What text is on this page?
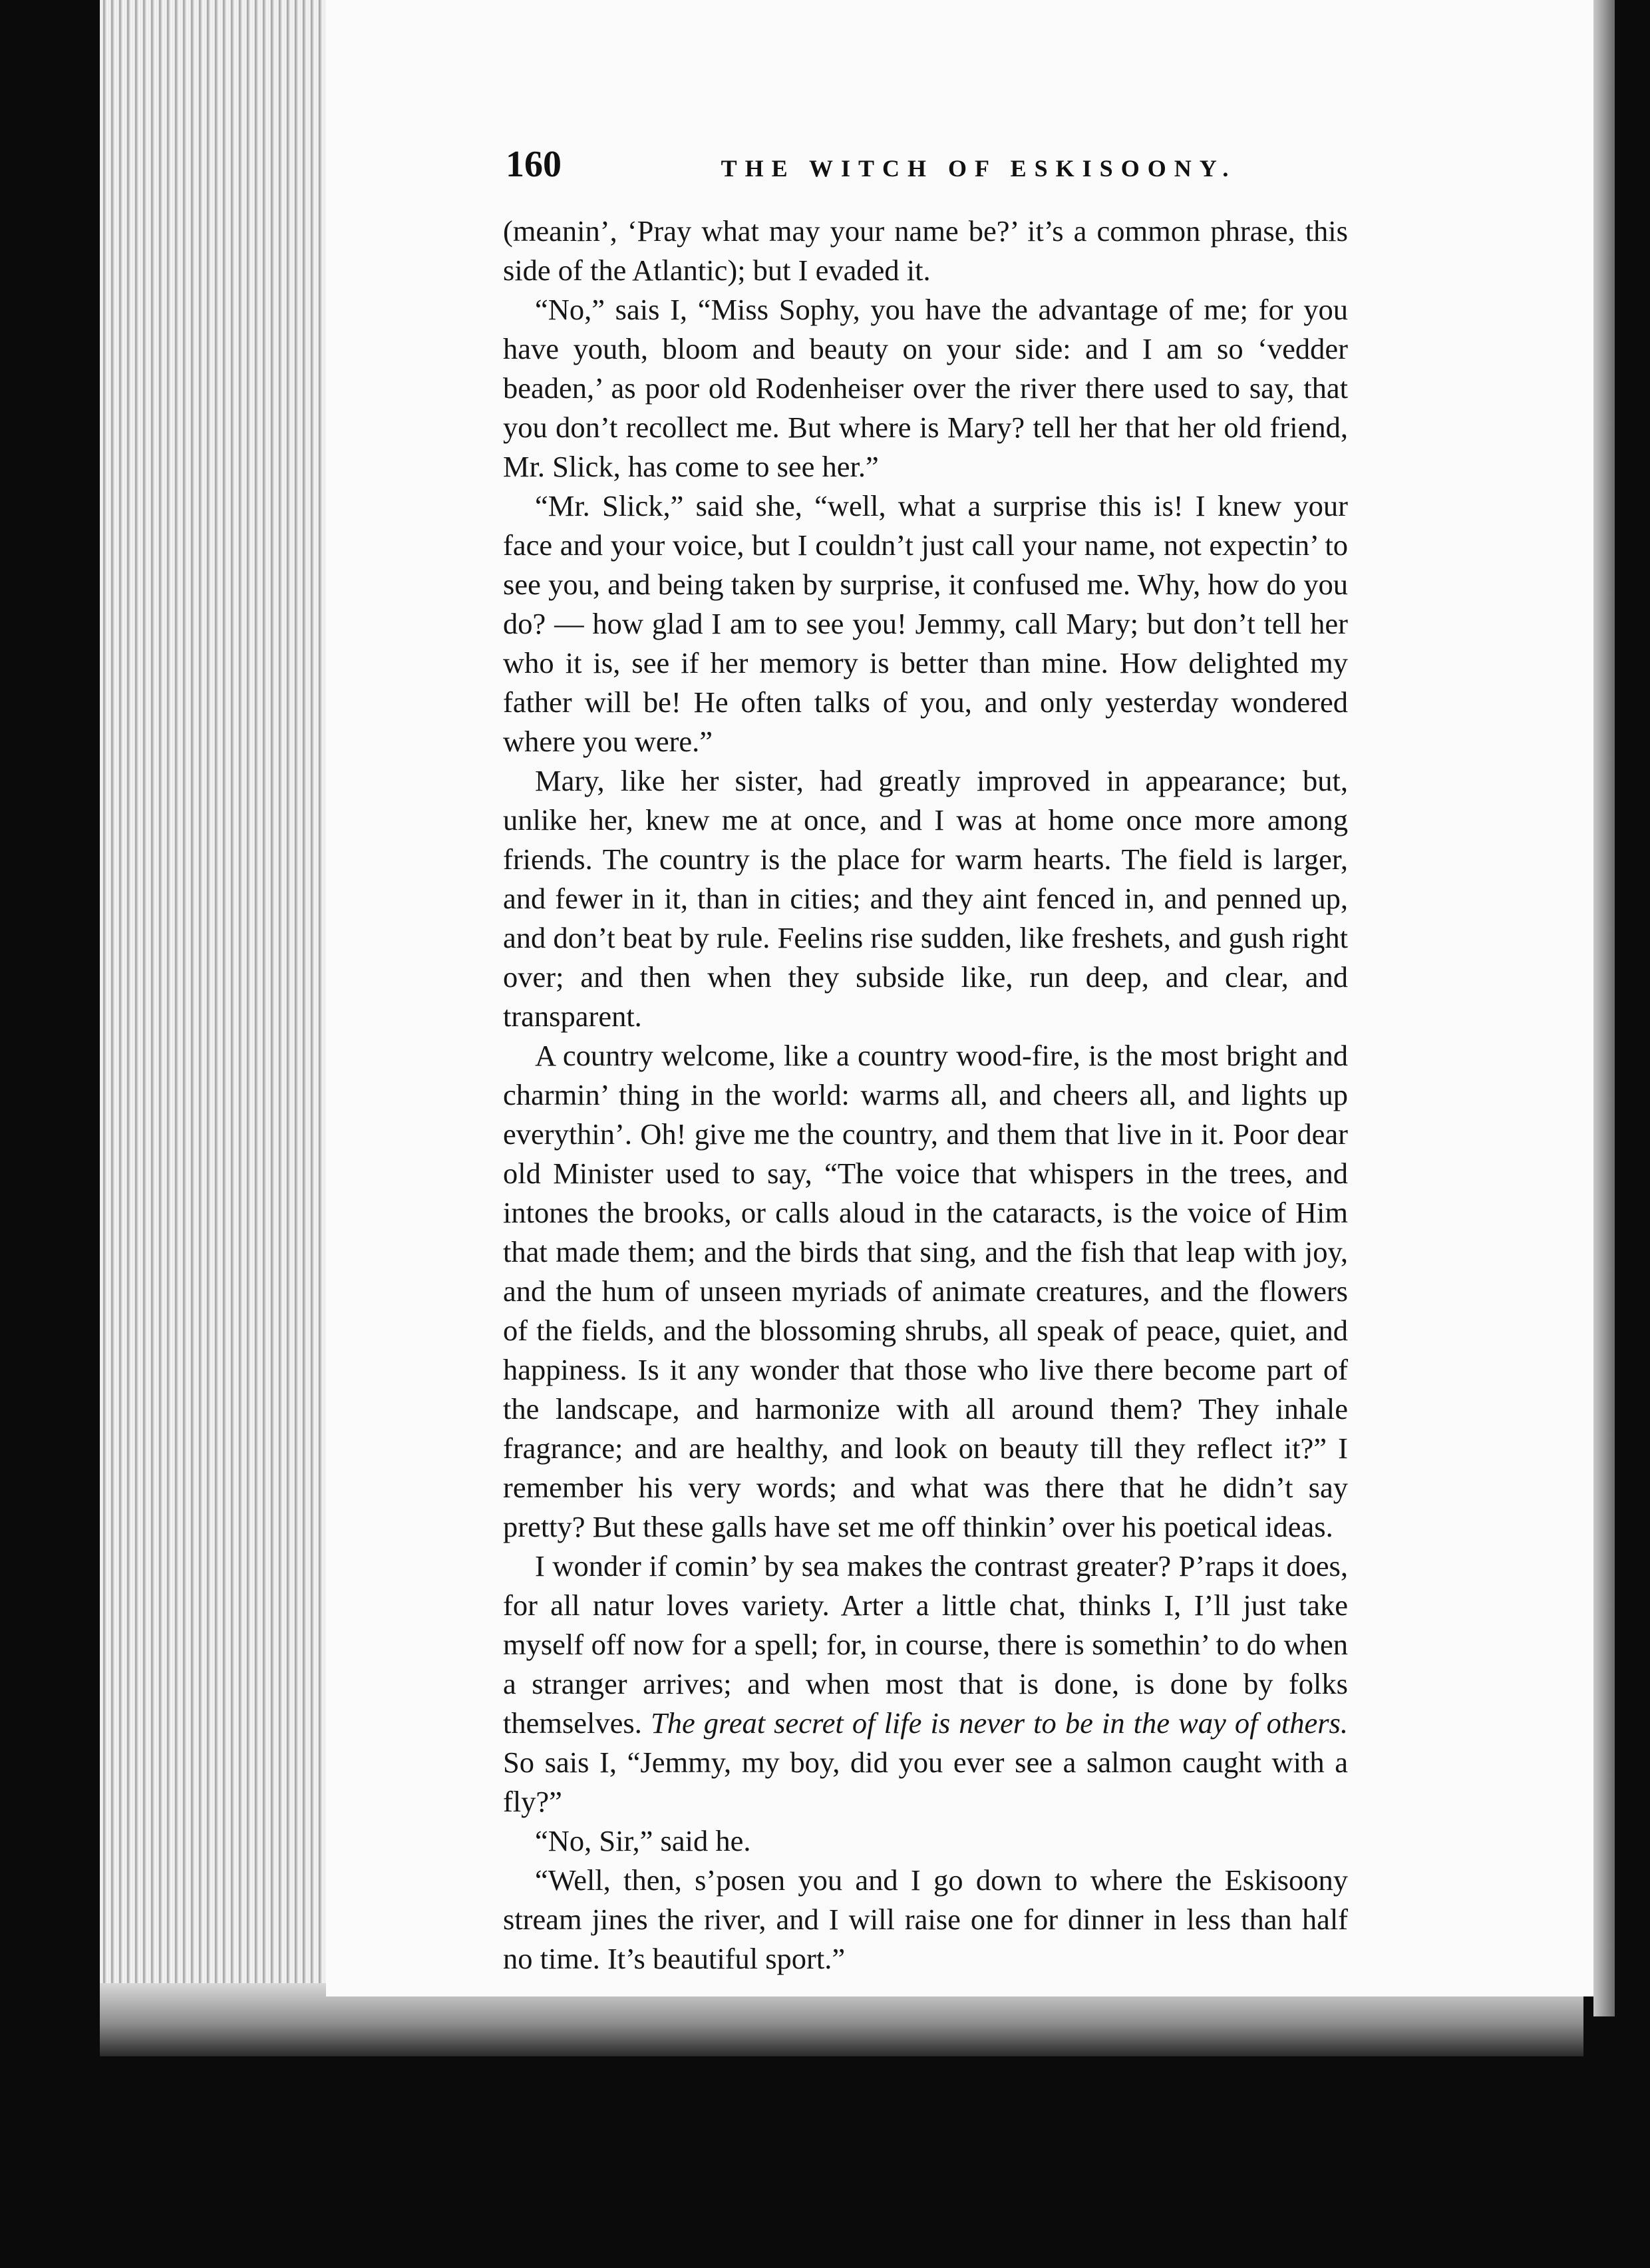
160	THE WITCH OF ESKISOONY.

(meanin’, ‘Pray what may your name be?’ it’s a common phrase, this side of the Atlantic); but I evaded it.

“No,” sais I, “Miss Sophy, you have the advantage of me; for you have youth, bloom and beauty on your side: and I am so ‘vedder beaden,’ as poor old Rodenheiser over the river there used to say, that you don’t recollect me. But where is Mary? tell her that her old friend, Mr. Slick, has come to see her.”

“Mr. Slick,” said she, “well, what a surprise this is! I knew your face and your voice, but I couldn’t just call your name, not expectin’ to see you, and being taken by surprise, it confused me. Why, how do you do? — how glad I am to see you! Jemmy, call Mary; but don’t tell her who it is, see if her memory is better than mine. How delighted my father will be! He often talks of you, and only yesterday wondered where you were.”

Mary, like her sister, had greatly improved in appearance; but, unlike her, knew me at once, and I was at home once more among friends. The country is the place for warm hearts. The field is larger, and fewer in it, than in cities; and they aint fenced in, and penned up, and don’t beat by rule. Feelins rise sudden, like freshets, and gush right over; and then when they subside like, run deep, and clear, and transparent.

A country welcome, like a country wood-fire, is the most bright and charmin’ thing in the world: warms all, and cheers all, and lights up everythin’. Oh! give me the country, and them that live in it. Poor dear old Minister used to say, “The voice that whispers in the trees, and intones the brooks, or calls aloud in the cataracts, is the voice of Him that made them; and the birds that sing, and the fish that leap with joy, and the hum of unseen myriads of animate creatures, and the flowers of the fields, and the blossoming shrubs, all speak of peace, quiet, and happiness. Is it any wonder that those who live there become part of the landscape, and harmonize with all around them? They inhale fragrance; and are healthy, and look on beauty till they reflect it?” I remember his very words; and what was there that he didn’t say pretty? But these galls have set me off thinkin’ over his poetical ideas.

I wonder if comin’ by sea makes the contrast greater? P’raps it does, for all natur loves variety. Arter a little chat, thinks I, I’ll just take myself off now for a spell; for, in course, there is somethin’ to do when a stranger arrives; and when most that is done, is done by folks themselves. The great secret of life is never to be in the way of others. So sais I, “Jemmy, my boy, did you ever see a salmon caught with a fly?”

“No, Sir,” said he.

“Well, then, s’posen you and I go down to where the Eskisoony stream jines the river, and I will raise one for dinner in less than half no time. It’s beautiful sport.”
